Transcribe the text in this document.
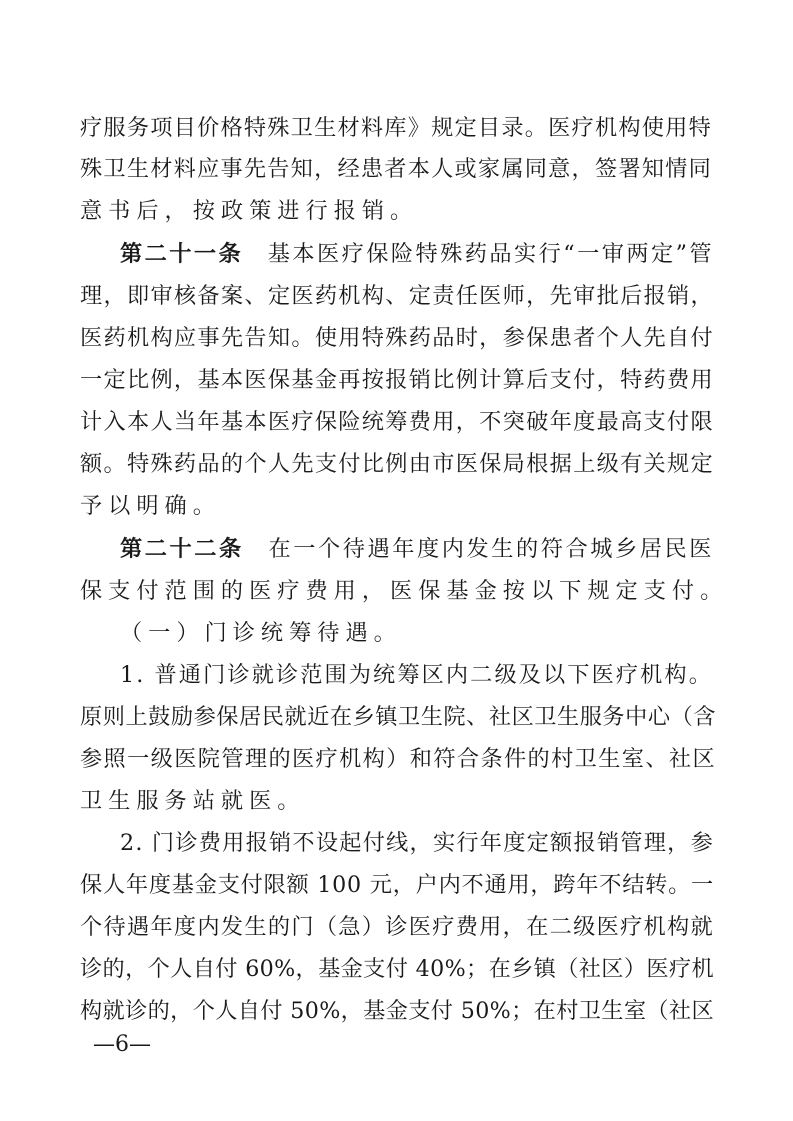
疗服务项目价格特殊卫生材料库》规定目录。医疗机构使用特
殊卫生材料应事先告知，经患者本人或家属同意，签署知情同
意书后，按政策进行报销。
第二十一条　基本医疗保险特殊药品实行“一审两定”管
理，即审核备案、定医药机构、定责任医师，先审批后报销，
医药机构应事先告知。使用特殊药品时，参保患者个人先自付
一定比例，基本医保基金再按报销比例计算后支付，特药费用
计入本人当年基本医疗保险统筹费用，不突破年度最高支付限
额。特殊药品的个人先支付比例由市医保局根据上级有关规定
予以明确。
第二十二条　在一个待遇年度内发生的符合城乡居民医
保支付范围的医疗费用，医保基金按以下规定支付。
（一）门诊统筹待遇。
1. 普通门诊就诊范围为统筹区内二级及以下医疗机构。
原则上鼓励参保居民就近在乡镇卫生院、社区卫生服务中心（含
参照一级医院管理的医疗机构）和符合条件的村卫生室、社区
卫生服务站就医。
2. 门诊费用报销不设起付线，实行年度定额报销管理，参
保人年度基金支付限额 100 元，户内不通用，跨年不结转。一
个待遇年度内发生的门（急）诊医疗费用，在二级医疗机构就
诊的，个人自付 60%，基金支付 40%；在乡镇（社区）医疗机
构就诊的，个人自付 50%，基金支付 50%；在村卫生室（社区
—6—
